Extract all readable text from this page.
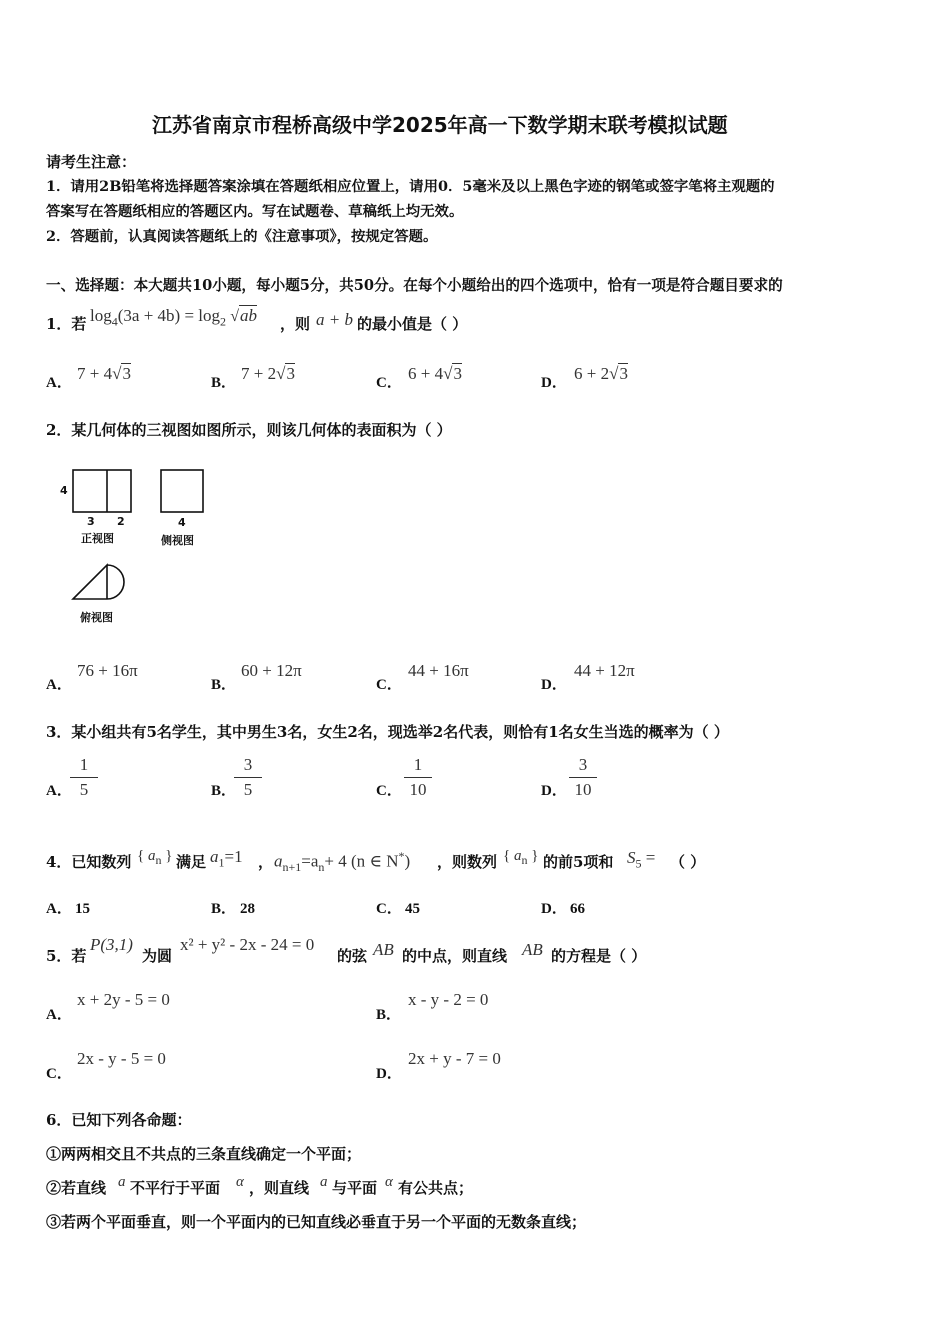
江苏省南京市程桥高级中学2025年高一下数学期末联考模拟试题
请考生注意：
1．请用2B铅笔将选择题答案涂填在答题纸相应位置上，请用0．5毫米及以上黑色字迹的钢笔或签字笔将主观题的
答案写在答题纸相应的答题区内。写在试题卷、草稿纸上均无效。
2．答题前，认真阅读答题纸上的《注意事项》，按规定答题。
一、选择题：本大题共10小题，每小题5分，共50分。在每个小题给出的四个选项中，恰有一项是符合题目要求的
1．若 $\log_4(3a + 4b) = \log_2 √ab$ ，则 a + b 的最小值是（ ）
A． 7 + 4√3	B． 7 + 2√3	C． 6 + 4√3	D． 6 + 2√3
2．某几何体的三视图如图所示，则该几何体的表面积为（ ）
4
3 2
正视图
4
侧视图
俯视图
A．
76 + 16π
B．
60 + 12π
C．
44 + 16π
D．
44 + 12π
3．某小组共有5名学生，其中男生3名，女生2名，现选举2名代表，则恰有1名女生当选的概率为（ ）
A．
$\frac{1}{5}$	B．
$\frac{3}{5}$	C． $\frac{1}{10}$	D． $\frac{3}{10}$
4．已知数列 { $a_n$ } 满足 $a_1=1$ ， $a_{n+1}=a_n+ 4$ (n ∈ N*) ，则数列 { $a_n$ } 的前5项和 $S_5$ = （ ）
A． 15	B． 28	C． 45	D． 66
5．若
P(3,1)
为圆
x² + y² - 2x - 24 = 0
的弦 AB 的中点，则直线 AB 的方程是（ ）
A．
x + 2y - 5 = 0
B．
x - y - 2 = 0
C．
2x - y - 5 = 0
D．
2x + y - 7 = 0
6．已知下列各命题：
①两两相交且不共点的三条直线确定一个平面；
②若直线 a 不平行于平面 α ，则直线 a 与平面 α 有公共点；
③若两个平面垂直，则一个平面内的已知直线必垂直于另一个平面的无数条直线；
